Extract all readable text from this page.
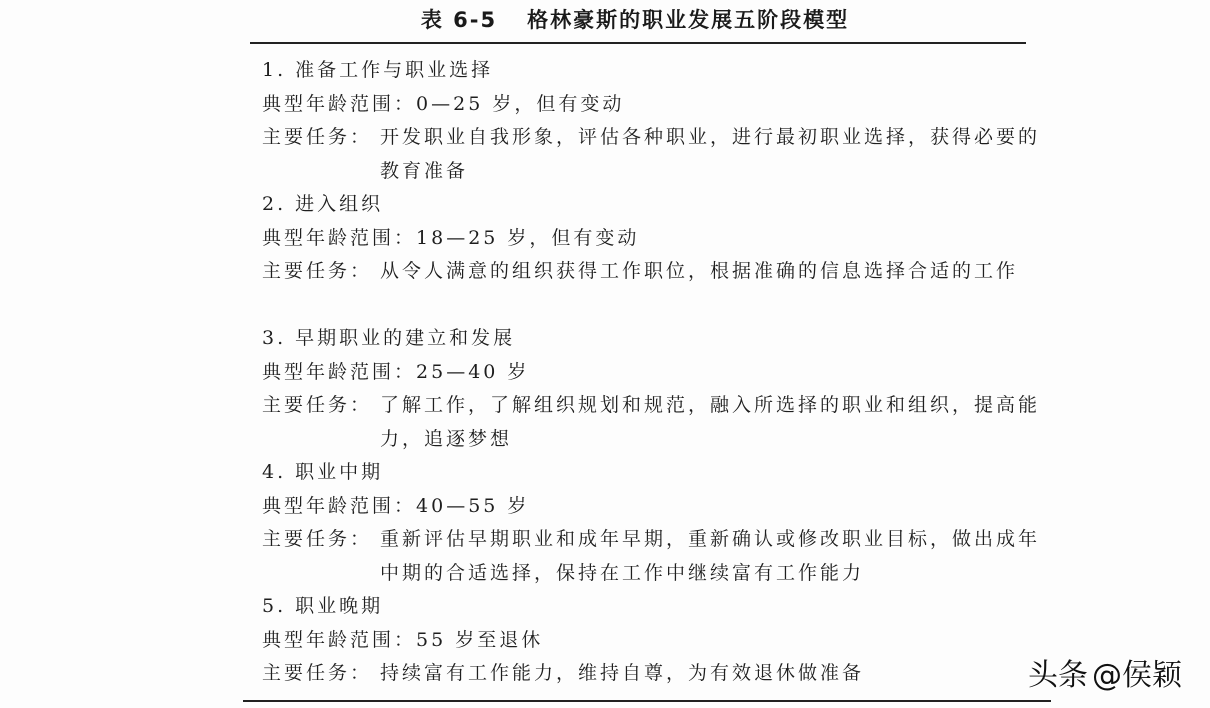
表 6-5 格林豪斯的职业发展五阶段模型
1. 准备工作与职业选择
典型年龄范围：0—25 岁，但有变动
主要任务： 开发职业自我形象，评估各种职业，进行最初职业选择，获得必要的教育准备
2. 进入组织
典型年龄范围：18—25 岁，但有变动
主要任务： 从令人满意的组织获得工作职位，根据准确的信息选择合适的工作
3. 早期职业的建立和发展
典型年龄范围：25—40 岁
主要任务： 了解工作，了解组织规划和规范，融入所选择的职业和组织，提高能力，追逐梦想
4. 职业中期
典型年龄范围：40—55 岁
主要任务： 重新评估早期职业和成年早期，重新确认或修改职业目标，做出成年中期的合适选择，保持在工作中继续富有工作能力
5. 职业晚期
典型年龄范围：55 岁至退休
主要任务： 持续富有工作能力，维持自尊，为有效退休做准备	头条 @侯颖
